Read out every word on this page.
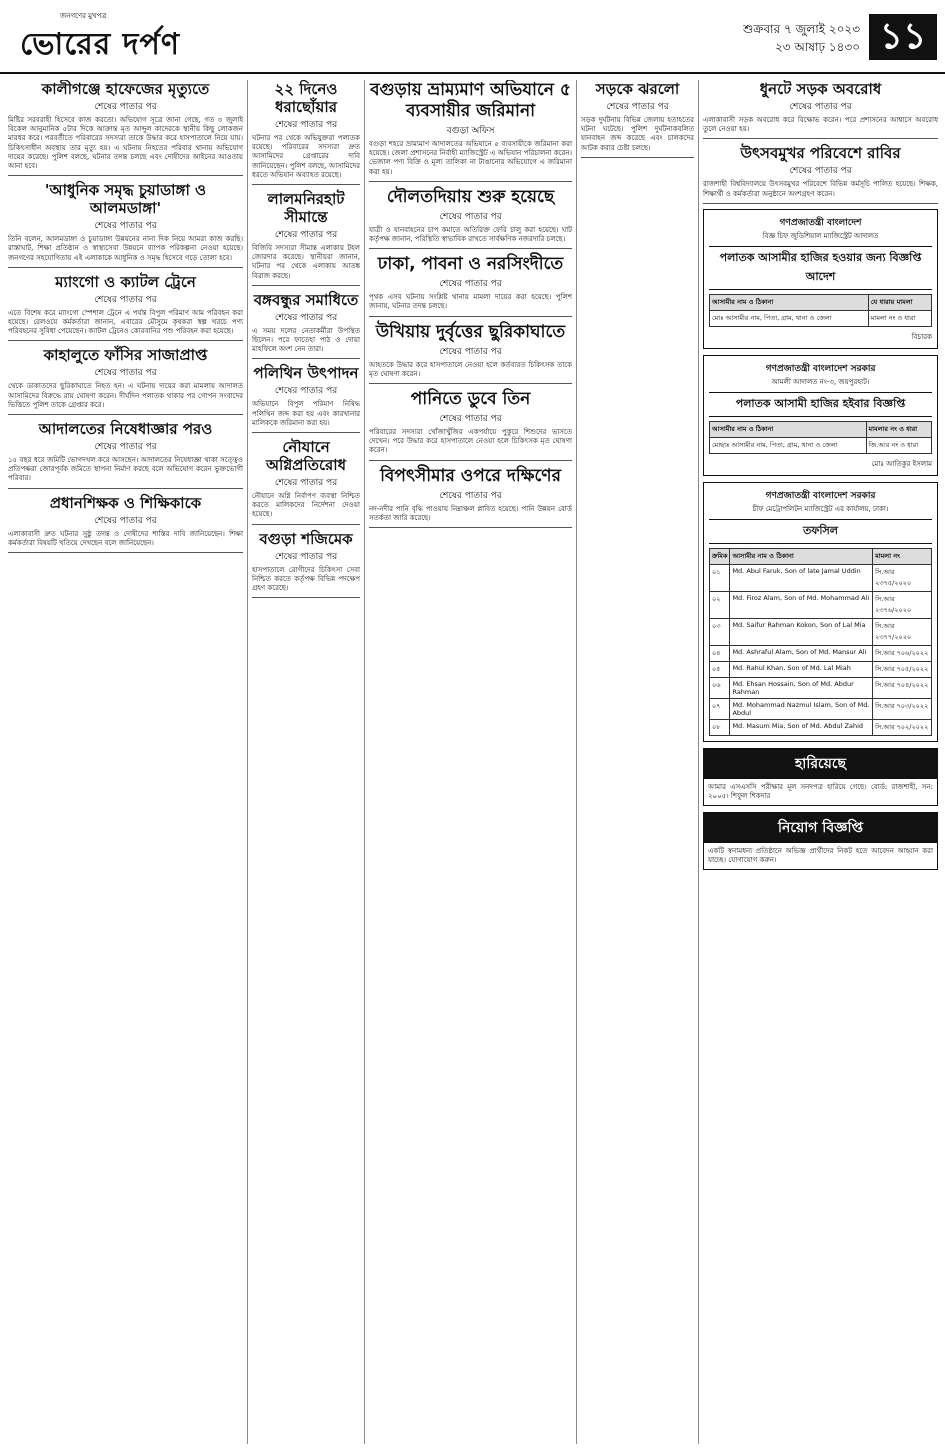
জনগণের মুখপত্র
ভোরের দর্পণ	শুক্রবার ৭ জুলাই ২০২৩
২৩ আষাঢ় ১৪৩০ ১১
কালীগঞ্জে হাফেজের মৃত্যুতে
শেষের পাতার পর
মিষ্টির সরবরাহী হিসেবে কাজ করতো। অভিযোগ সূত্রে জানা গেছে, গত ৩ জুলাই বিকেল আনুমানিক ৫টার দিকে আক্রান্ত মৃত আব্দুল কাদেরকে স্থানীয় কিছু লোকজন মারধর করে। পরবর্তীতে পরিবারের সদস্যরা তাকে উদ্ধার করে হাসপাতালে নিয়ে যায়। চিকিৎসাধীন অবস্থায় তার মৃত্যু হয়। এ ঘটনায় নিহতের পরিবার থানায় অভিযোগ দায়ের করেছে। পুলিশ বলছে, ঘটনার তদন্ত চলছে এবং দোষীদের আইনের আওতায় আনা হবে।
'আধুনিক সমৃদ্ধ চুয়াডাঙ্গা ও আলমডাঙ্গা'
শেষের পাতার পর
তিনি বলেন, আলমডাঙ্গা ও চুয়াডাঙ্গা উন্নয়নের নানা দিক নিয়ে আমরা কাজ করছি। রাস্তাঘাট, শিক্ষা প্রতিষ্ঠান ও স্বাস্থ্যসেবা উন্নয়নে ব্যাপক পরিকল্পনা নেওয়া হয়েছে। জনগণের সহযোগিতায় এই এলাকাকে আধুনিক ও সমৃদ্ধ হিসেবে গড়ে তোলা হবে।
ম্যাংগো ও ক্যাটল ট্রেনে
শেষের পাতার পর
এতে বিশেষ করে ম্যাংগো স্পেশাল ট্রেনে এ পর্যন্ত বিপুল পরিমাণ আম পরিবহন করা হয়েছে। রেলওয়ে কর্মকর্তারা জানান, এবারের মৌসুমে কৃষকরা স্বল্প খরচে পণ্য পরিবহনের সুবিধা পেয়েছেন। ক্যাটল ট্রেনেও কোরবানির পশু পরিবহন করা হয়েছে।
কাহালুতে ফাঁসির সাজাপ্রাপ্ত
শেষের পাতার পর
থেকে ডাকাতদের ছুরিকাঘাতে নিহত হন। এ ঘটনায় দায়ের করা মামলায় আদালত আসামিদের বিরুদ্ধে রায় ঘোষণা করেন। দীর্ঘদিন পলাতক থাকার পর গোপন সংবাদের ভিত্তিতে পুলিশ তাকে গ্রেপ্তার করে।
আদালতের নিষেধাজ্ঞার পরও
শেষের পাতার পর
১৫ বছর ধরে জমিটি ভোগদখল করে আসছেন। আদালতের নিষেধাজ্ঞা থাকা সত্ত্বেও প্রতিপক্ষরা জোরপূর্বক জমিতে স্থাপনা নির্মাণ করছে বলে অভিযোগ করেন ভুক্তভোগী পরিবার।
প্রধানশিক্ষক ও শিক্ষিকাকে
শেষের পাতার পর
এলাকাবাসী দ্রুত ঘটনার সুষ্ঠু তদন্ত ও দোষীদের শাস্তির দাবি জানিয়েছেন। শিক্ষা কর্মকর্তারা বিষয়টি খতিয়ে দেখছেন বলে জানিয়েছেন।
২২ দিনেও ধরাছোঁয়ার
শেষের পাতার পর
ঘটনার পর থেকে অভিযুক্তরা পলাতক রয়েছে। পরিবারের সদস্যরা দ্রুত আসামিদের গ্রেপ্তারের দাবি জানিয়েছেন। পুলিশ বলছে, আসামিদের ধরতে অভিযান অব্যাহত রয়েছে।
লালমনিরহাট সীমান্তে
শেষের পাতার পর
বিজিবি সদস্যরা সীমান্ত এলাকায় টহল জোরদার করেছে। স্থানীয়রা জানান, ঘটনার পর থেকে এলাকায় আতঙ্ক বিরাজ করছে।
বঙ্গবন্ধুর সমাধিতে
শেষের পাতার পর
এ সময় দলের নেতাকর্মীরা উপস্থিত ছিলেন। পরে ফাতেহা পাঠ ও দোয়া মাহফিলে অংশ নেন তারা।
পলিথিন উৎপাদন
শেষের পাতার পর
অভিযানে বিপুল পরিমাণ নিষিদ্ধ পলিথিন জব্দ করা হয় এবং কারখানার মালিককে জরিমানা করা হয়।
নৌযানে অগ্নিপ্রতিরোধ
শেষের পাতার পর
নৌযানে অগ্নি নির্বাপণ ব্যবস্থা নিশ্চিত করতে মালিকদের নির্দেশনা দেওয়া হয়েছে।
বগুড়া শজিমেক
শেষের পাতার পর
হাসপাতালে রোগীদের চিকিৎসা সেবা নিশ্চিত করতে কর্তৃপক্ষ বিভিন্ন পদক্ষেপ গ্রহণ করেছে।
বগুড়ায় ভ্রাম্যমাণ অভিযানে ৫ ব্যবসায়ীর জরিমানা
বগুড়া অফিস
বগুড়া শহরে ভ্রাম্যমাণ আদালতের অভিযানে ৫ ব্যবসায়ীকে জরিমানা করা হয়েছে। জেলা প্রশাসনের নির্বাহী ম্যাজিস্ট্রেট এ অভিযান পরিচালনা করেন। ভেজাল পণ্য বিক্রি ও মূল্য তালিকা না টাঙানোর অভিযোগে এ জরিমানা করা হয়।
দৌলতদিয়ায় শুরু হয়েছে
শেষের পাতার পর
যাত্রী ও যানবাহনের চাপ কমাতে অতিরিক্ত ফেরি চালু করা হয়েছে। ঘাট কর্তৃপক্ষ জানান, পরিস্থিতি স্বাভাবিক রাখতে সার্বক্ষণিক নজরদারি চলছে।
ঢাকা, পাবনা ও নরসিংদীতে
শেষের পাতার পর
পৃথক এসব ঘটনায় সংশ্লিষ্ট থানায় মামলা দায়ের করা হয়েছে। পুলিশ জানায়, ঘটনার তদন্ত চলছে।
উখিয়ায় দুর্বৃত্তের ছুরিকাঘাতে
শেষের পাতার পর
আহতকে উদ্ধার করে হাসপাতালে নেওয়া হলে কর্তব্যরত চিকিৎসক তাকে মৃত ঘোষণা করেন।
পানিতে ডুবে তিন
শেষের পাতার পর
পরিবারের সদস্যরা খোঁজাখুঁজির একপর্যায়ে পুকুরে শিশুদের ভাসতে দেখেন। পরে উদ্ধার করে হাসপাতালে নেওয়া হলে চিকিৎসক মৃত ঘোষণা করেন।
বিপৎসীমার ওপরে দক্ষিণের
শেষের পাতার পর
নদ-নদীর পানি বৃদ্ধি পাওয়ায় নিম্নাঞ্চল প্লাবিত হয়েছে। পানি উন্নয়ন বোর্ড সতর্কতা জারি করেছে।
সড়কে ঝরলো
শেষের পাতার পর
সড়ক দুর্ঘটনায় বিভিন্ন জেলায় হতাহতের ঘটনা ঘটেছে। পুলিশ দুর্ঘটনাকবলিত যানবাহন জব্দ করেছে এবং চালকদের আটক করার চেষ্টা চলছে।
ধুনটে সড়ক অবরোধ
শেষের পাতার পর
এলাকাবাসী সড়ক অবরোধ করে বিক্ষোভ করেন। পরে প্রশাসনের আশ্বাসে অবরোধ তুলে নেওয়া হয়।
উৎসবমুখর পরিবেশে রাবির
শেষের পাতার পর
রাজশাহী বিশ্ববিদ্যালয়ে উৎসবমুখর পরিবেশে বিভিন্ন কর্মসূচি পালিত হয়েছে। শিক্ষক, শিক্ষার্থী ও কর্মকর্তারা অনুষ্ঠানে অংশগ্রহণ করেন।
গণপ্রজাতন্ত্রী বাংলাদেশ
বিজ্ঞ চিফ জুডিশিয়াল ম্যাজিস্ট্রেট আদালত
পলাতক আসামীর হাজির হওয়ার জন্য বিজ্ঞপ্তি আদেশ
আসামীর নাম ও ঠিকানা	যে ধারায় মামলা
মোঃ আসামীর নাম, পিতা, গ্রাম, থানা ও জেলা	মামলা নং ও ধারা
বিচারক
গণপ্রজাতন্ত্রী বাংলাদেশ সরকার
আমলী আদালত নং-৩, জয়পুরহাট।
পলাতক আসামী হাজির হইবার বিজ্ঞপ্তি
আসামীর নাম ও ঠিকানা	মামলার নং ও ধারা
মোছাঃ আসামীর নাম, পিতা, গ্রাম, থানা ও জেলা	জি.আর নং ও ধারা
মোঃ আতিকুর ইসলাম
গণপ্রজাতন্ত্রী বাংলাদেশ সরকার
চীফ মেট্রোপলিটন ম্যাজিস্ট্রেট এর কার্যালয়, ঢাকা।
তফসিল
ক্রমিক	আসামীর নাম ও ঠিকানা	মামলা নং
০১	Md. Abul Faruk, Son of late Jamal Uddin	সি.আর ২৩৭৫/২০২০
০২	Md. Firoz Alam, Son of Md. Mohammad Ali	সি.আর ২৩৭৬/২০২০
০৩	Md. Saifur Rahman Kokon, Son of Lal Mia	সি.আর ২৩৭৭/২০২০
০৪	Md. Ashraful Alam, Son of Md. Mansur Ali	সি.আর ৭০৬/২০২২
০৫	Md. Rahul Khan, Son of Md. Lal Miah	সি.আর ৭০৫/২০২২
০৬	Md. Ehsan Hossain, Son of Md. Abdur Rahman	সি.আর ৭০৪/২০২২
০৭	Md. Mohammad Nazmul Islam, Son of Md. Abdul	সি.আর ৭০৩/২০২২
০৮	Md. Masum Mia, Son of Md. Abdul Zahid	সি.আর ৭০২/২০২২
হারিয়েছে
আমার এসএসসি পরীক্ষার মূল সনদপত্র হারিয়ে গেছে। বোর্ড: রাজশাহী, সন: ২০০৫। শিফুল শিকদার
নিয়োগ বিজ্ঞপ্তি
একটি স্বনামধন্য প্রতিষ্ঠানে অভিজ্ঞ প্রার্থীদের নিকট হতে আবেদন আহ্বান করা যাচ্ছে। যোগাযোগ করুন।
